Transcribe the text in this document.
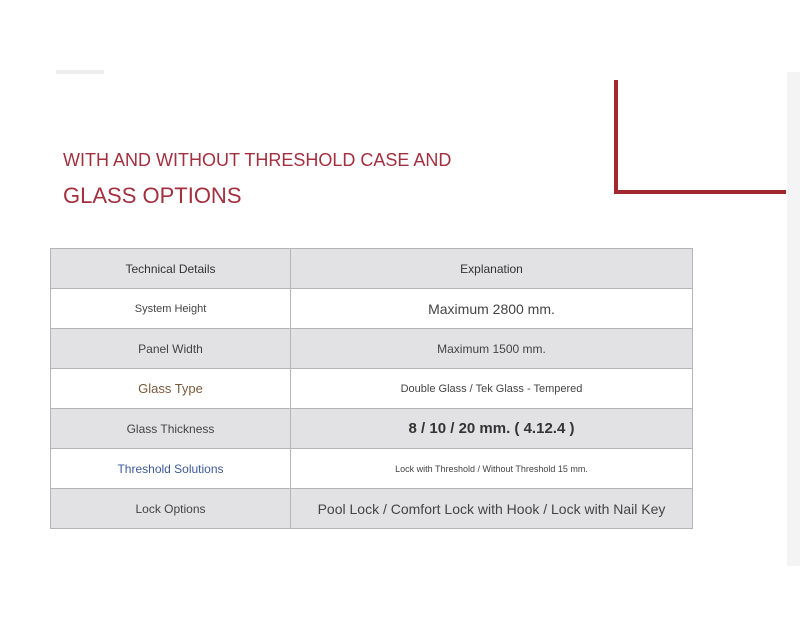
WITH AND WITHOUT THRESHOLD CASE AND
GLASS OPTIONS
Technical Details	Explanation
System Height	Maximum 2800 mm.
Panel Width	Maximum 1500 mm.
Glass Type	Double Glass / Tek Glass - Tempered
Glass Thickness	8 / 10 / 20 mm. ( 4.12.4 )
Threshold Solutions	Lock with Threshold / Without Threshold 15 mm.
Lock Options	Pool Lock / Comfort Lock with Hook / Lock with Nail Key
